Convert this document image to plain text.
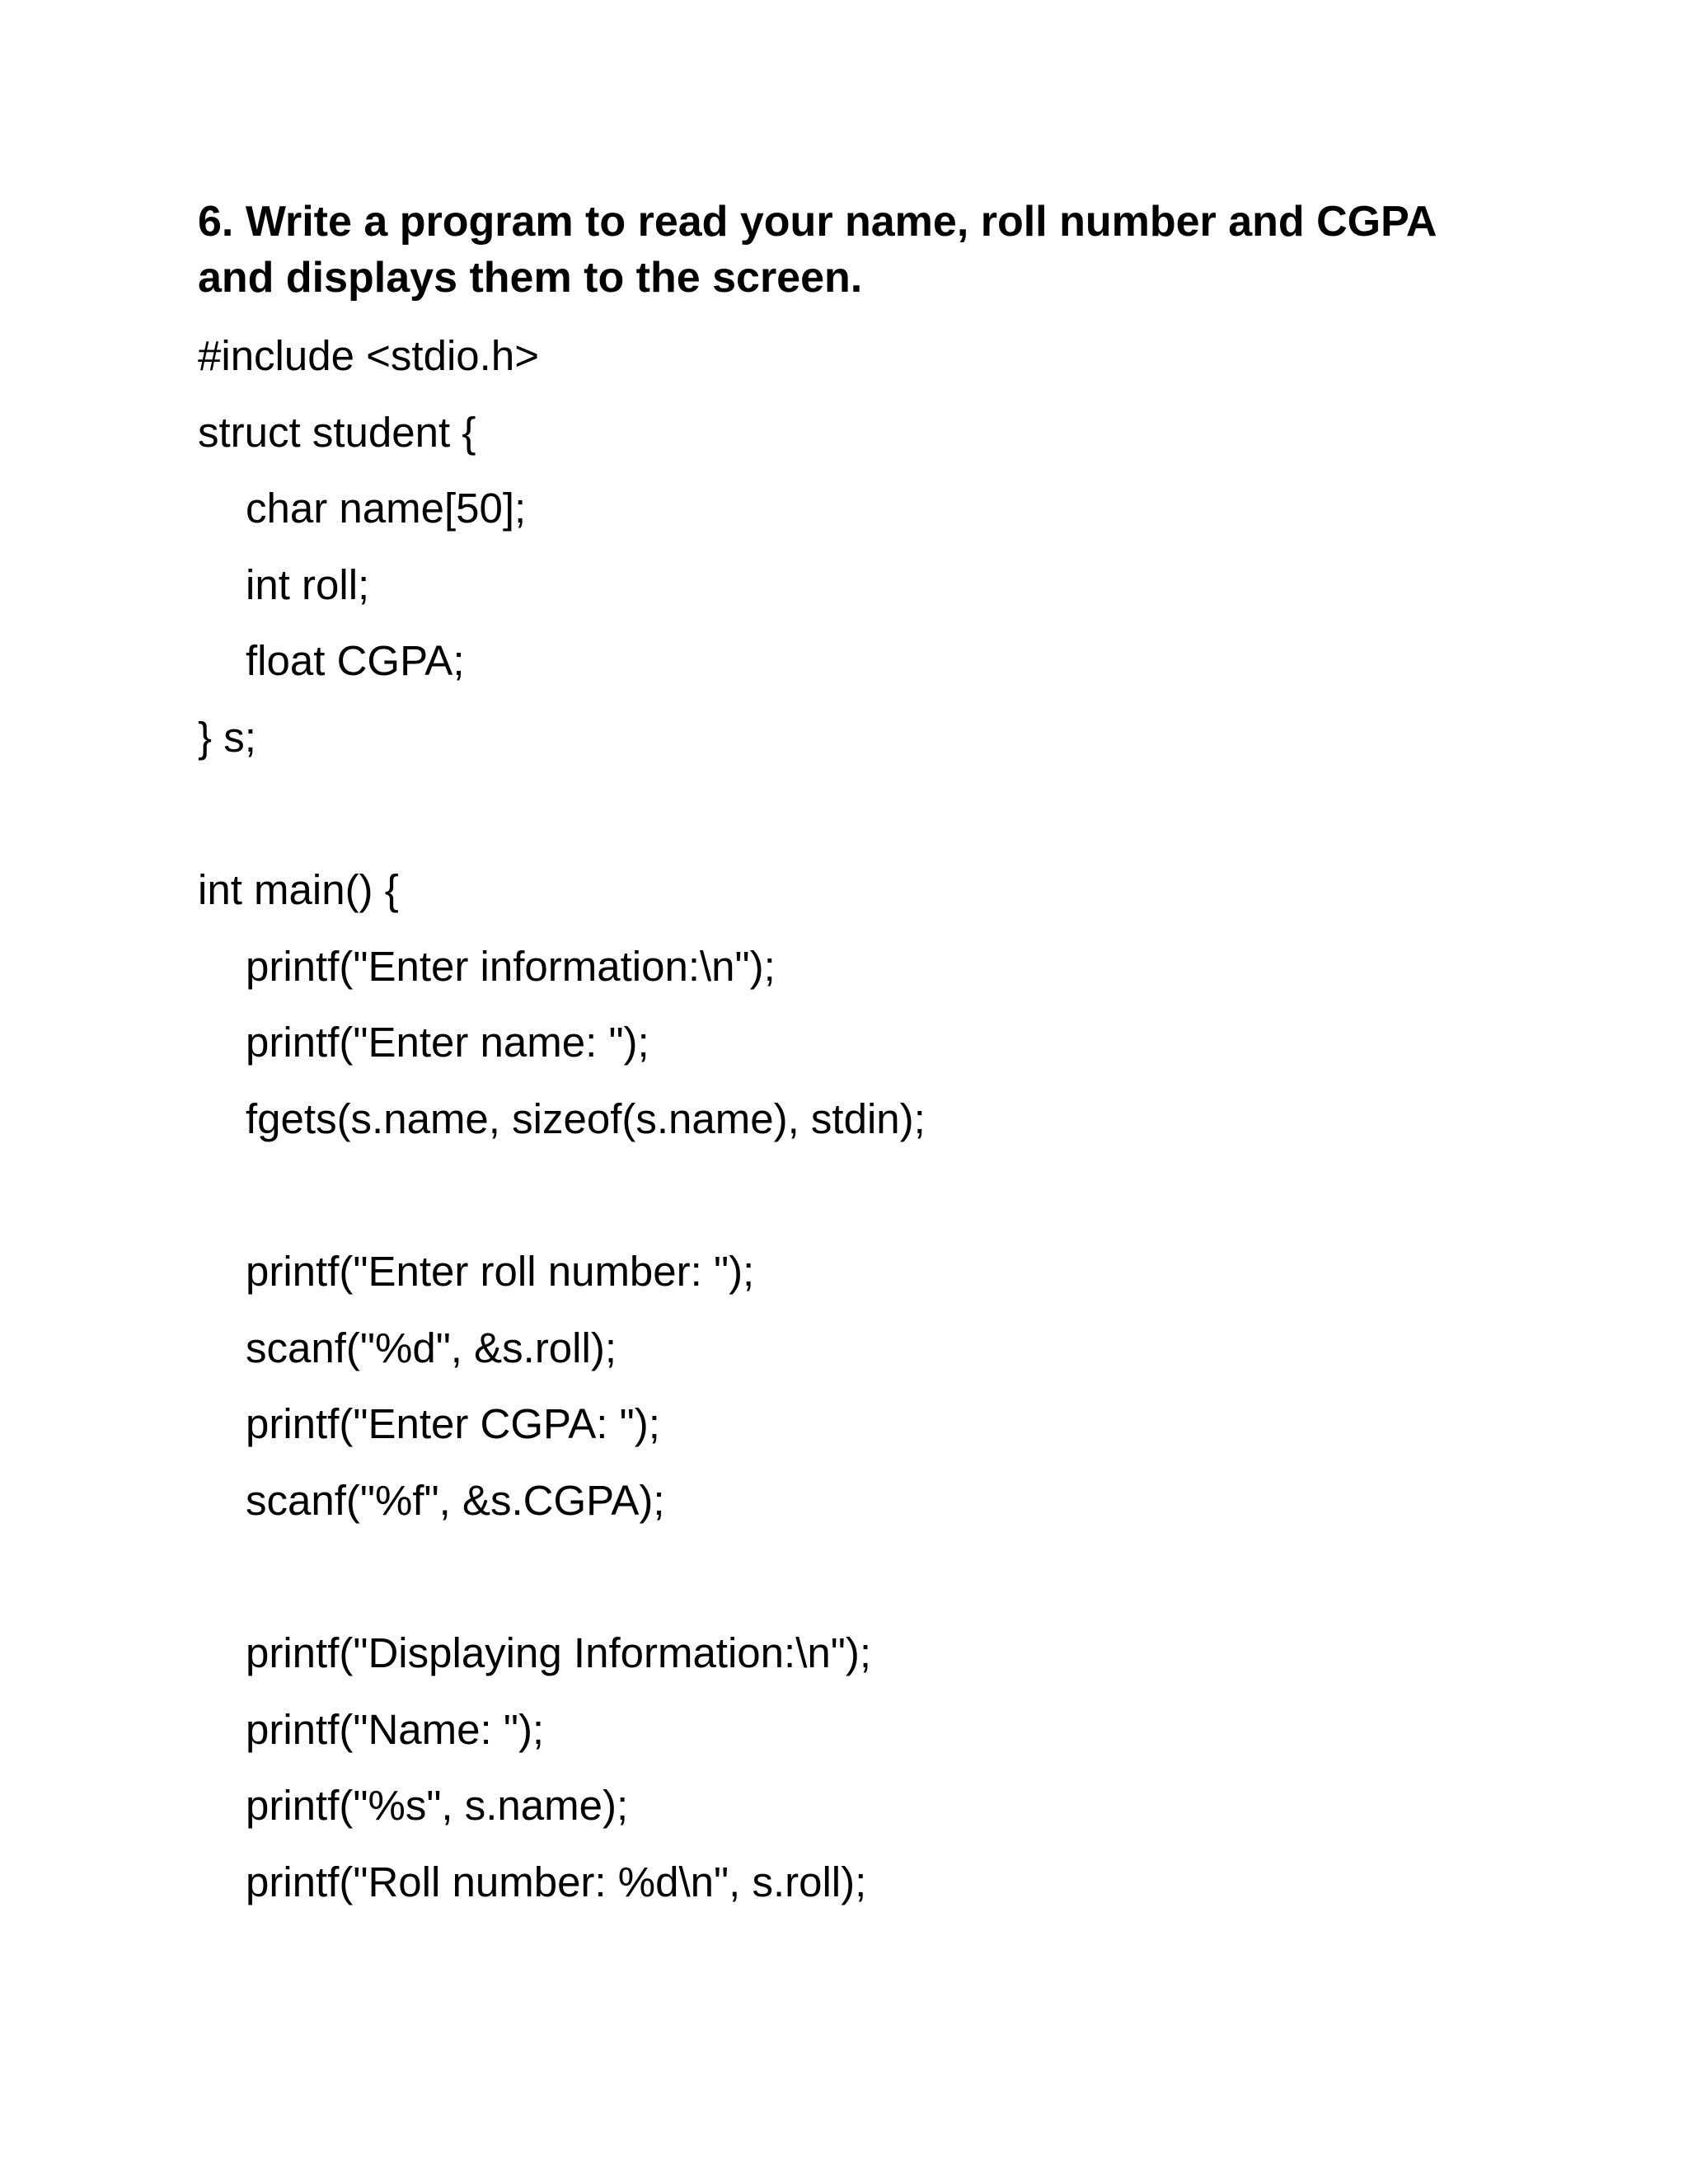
6. Write a program to read your name, roll number and CGPA
and displays them to the screen.
#include <stdio.h>
struct student {
char name[50];
int roll;
float CGPA;
} s;
int main() {
printf("Enter information:\n");
printf("Enter name: ");
fgets(s.name, sizeof(s.name), stdin);
printf("Enter roll number: ");
scanf("%d", &s.roll);
printf("Enter CGPA: ");
scanf("%f", &s.CGPA);
printf("Displaying Information:\n");
printf("Name: ");
printf("%s", s.name);
printf("Roll number: %d\n", s.roll);
